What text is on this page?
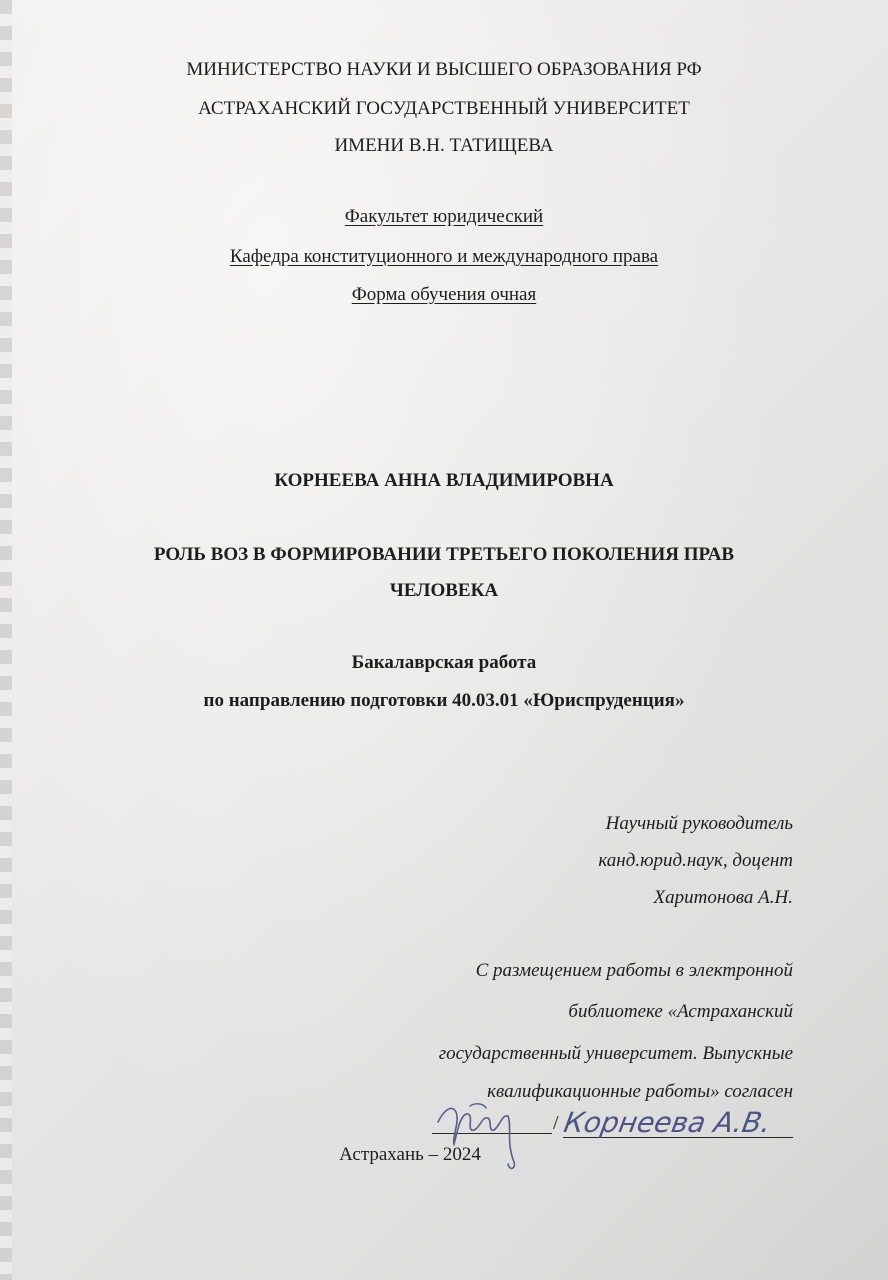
МИНИСТЕРСТВО НАУКИ И ВЫСШЕГО ОБРАЗОВАНИЯ РФ
АСТРАХАНСКИЙ ГОСУДАРСТВЕННЫЙ УНИВЕРСИТЕТ
ИМЕНИ В.Н. ТАТИЩЕВА
Факультет юридический
Кафедра конституционного и международного права
Форма обучения очная
КОРНЕЕВА АННА ВЛАДИМИРОВНА
РОЛЬ ВОЗ В ФОРМИРОВАНИИ ТРЕТЬЕГО ПОКОЛЕНИЯ ПРАВ
ЧЕЛОВЕКА
Бакалаврская работа
по направлению подготовки 40.03.01 «Юриспруденция»
Научный руководитель
канд.юрид.наук, доцент
Харитонова А.Н.
С размещением работы в электронной
библиотеке «Астраханский
государственный университет. Выпускные
квалификационные работы» согласен
/ Корнеева А.В.
Астрахань – 2024
